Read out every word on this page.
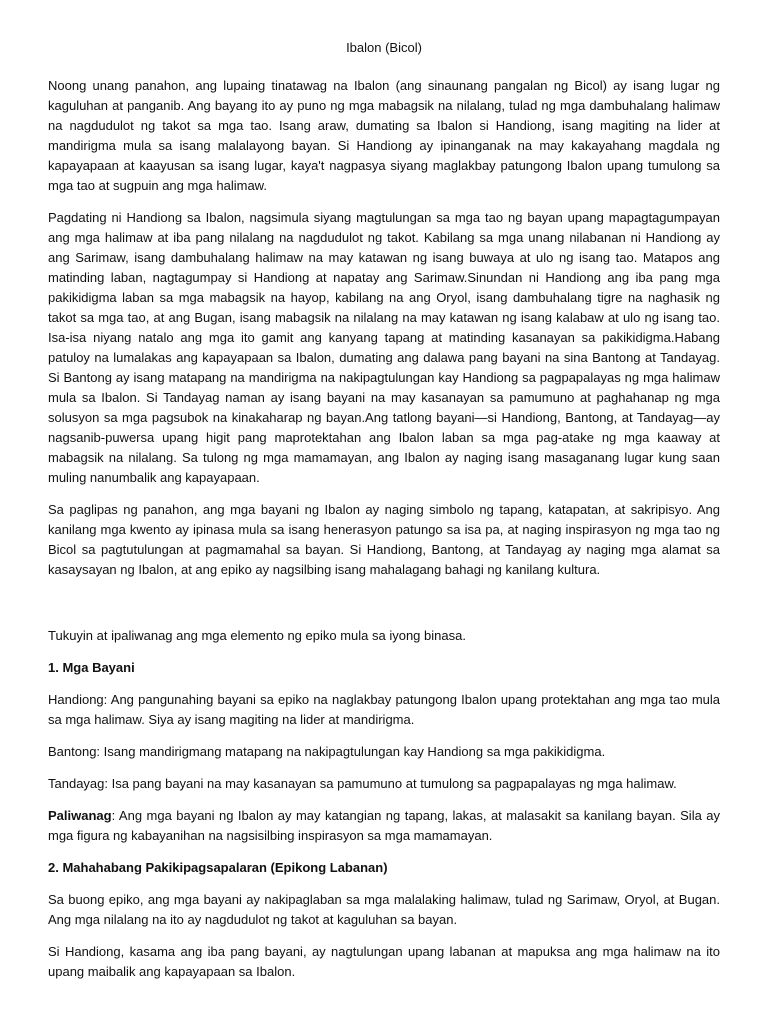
Ibalon (Bicol)

Noong unang panahon, ang lupaing tinatawag na Ibalon (ang sinaunang pangalan ng Bicol) ay isang lugar ng kaguluhan at panganib. Ang bayang ito ay puno ng mga mabagsik na nilalang, tulad ng mga dambuhalang halimaw na nagdudulot ng takot sa mga tao. Isang araw, dumating sa Ibalon si Handiong, isang magiting na lider at mandirigma mula sa isang malalayong bayan. Si Handiong ay ipinanganak na may kakayahang magdala ng kapayapaan at kaayusan sa isang lugar, kaya't nagpasya siyang maglakbay patungong Ibalon upang tumulong sa mga tao at sugpuin ang mga halimaw.

Pagdating ni Handiong sa Ibalon, nagsimula siyang magtulungan sa mga tao ng bayan upang mapagtagumpayan ang mga halimaw at iba pang nilalang na nagdudulot ng takot. Kabilang sa mga unang nilabanan ni Handiong ay ang Sarimaw, isang dambuhalang halimaw na may katawan ng isang buwaya at ulo ng isang tao. Matapos ang matinding laban, nagtagumpay si Handiong at napatay ang Sarimaw.Sinundan ni Handiong ang iba pang mga pakikidigma laban sa mga mabagsik na hayop, kabilang na ang Oryol, isang dambuhalang tigre na naghasik ng takot sa mga tao, at ang Bugan, isang mabagsik na nilalang na may katawan ng isang kalabaw at ulo ng isang tao. Isa-isa niyang natalo ang mga ito gamit ang kanyang tapang at matinding kasanayan sa pakikidigma.Habang patuloy na lumalakas ang kapayapaan sa Ibalon, dumating ang dalawa pang bayani na sina Bantong at Tandayag. Si Bantong ay isang matapang na mandirigma na nakipagtulungan kay Handiong sa pagpapalayas ng mga halimaw mula sa Ibalon. Si Tandayag naman ay isang bayani na may kasanayan sa pamumuno at paghahanap ng mga solusyon sa mga pagsubok na kinakaharap ng bayan.Ang tatlong bayani—si Handiong, Bantong, at Tandayag—ay nagsanib-puwersa upang higit pang maprotektahan ang Ibalon laban sa mga pag-atake ng mga kaaway at mabagsik na nilalang. Sa tulong ng mga mamamayan, ang Ibalon ay naging isang masaganang lugar kung saan muling nanumbalik ang kapayapaan.

Sa paglipas ng panahon, ang mga bayani ng Ibalon ay naging simbolo ng tapang, katapatan, at sakripisyo. Ang kanilang mga kwento ay ipinasa mula sa isang henerasyon patungo sa isa pa, at naging inspirasyon ng mga tao ng Bicol sa pagtutulungan at pagmamahal sa bayan. Si Handiong, Bantong, at Tandayag ay naging mga alamat sa kasaysayan ng Ibalon, at ang epiko ay nagsilbing isang mahalagang bahagi ng kanilang kultura.

Tukuyin at ipaliwanag ang mga elemento ng epiko mula sa iyong binasa.

1. Mga Bayani

Handiong: Ang pangunahing bayani sa epiko na naglakbay patungong Ibalon upang protektahan ang mga tao mula sa mga halimaw. Siya ay isang magiting na lider at mandirigma.

Bantong: Isang mandirigmang matapang na nakipagtulungan kay Handiong sa mga pakikidigma.

Tandayag: Isa pang bayani na may kasanayan sa pamumuno at tumulong sa pagpapalayas ng mga halimaw.

Paliwanag: Ang mga bayani ng Ibalon ay may katangian ng tapang, lakas, at malasakit sa kanilang bayan. Sila ay mga figura ng kabayanihan na nagsisilbing inspirasyon sa mga mamamayan.

2. Mahahabang Pakikipagsapalaran (Epikong Labanan)

Sa buong epiko, ang mga bayani ay nakipaglaban sa mga malalaking halimaw, tulad ng Sarimaw, Oryol, at Bugan. Ang mga nilalang na ito ay nagdudulot ng takot at kaguluhan sa bayan.

Si Handiong, kasama ang iba pang bayani, ay nagtulungan upang labanan at mapuksa ang mga halimaw na ito upang maibalik ang kapayapaan sa Ibalon.
